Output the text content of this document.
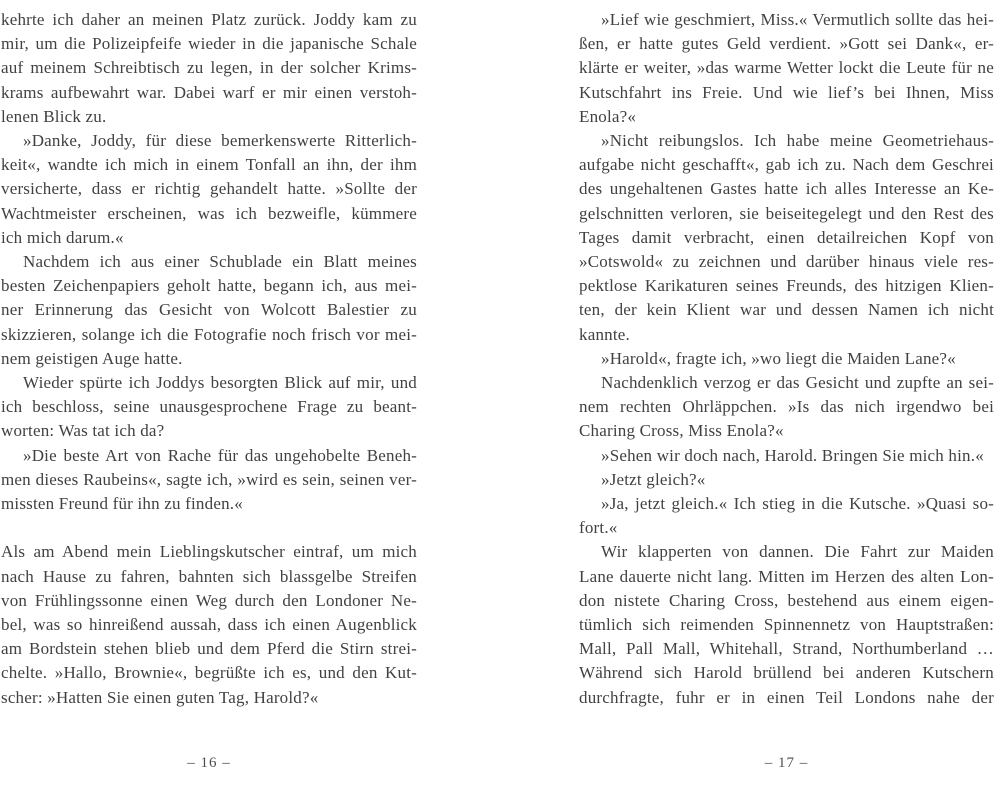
kehrte ich daher an meinen Platz zurück. Joddy kam zu
mir, um die Polizeipfeife wieder in die japanische Schale
auf meinem Schreibtisch zu legen, in der solcher Krims-
krams aufbewahrt war. Dabei warf er mir einen verstoh-
lenen Blick zu.
»Danke, Joddy, für diese bemerkenswerte Ritterlich-
keit«, wandte ich mich in einem Tonfall an ihn, der ihm
versicherte, dass er richtig gehandelt hatte. »Sollte der
Wachtmeister erscheinen, was ich bezweifle, kümmere
ich mich darum.«
Nachdem ich aus einer Schublade ein Blatt meines
besten Zeichenpapiers geholt hatte, begann ich, aus mei-
ner Erinnerung das Gesicht von Wolcott Balestier zu
skizzieren, solange ich die Fotografie noch frisch vor mei-
nem geistigen Auge hatte.
Wieder spürte ich Joddys besorgten Blick auf mir, und
ich beschloss, seine unausgesprochene Frage zu beant-
worten: Was tat ich da?
»Die beste Art von Rache für das ungehobelte Beneh-
men dieses Raubeins«, sagte ich, »wird es sein, seinen ver-
missten Freund für ihn zu finden.«
Als am Abend mein Lieblingskutscher eintraf, um mich
nach Hause zu fahren, bahnten sich blassgelbe Streifen
von Frühlingssonne einen Weg durch den Londoner Ne-
bel, was so hinreißend aussah, dass ich einen Augenblick
am Bordstein stehen blieb und dem Pferd die Stirn strei-
chelte. »Hallo, Brownie«, begrüßte ich es, und den Kut-
scher: »Hatten Sie einen guten Tag, Harold?«
– 16 –
»Lief wie geschmiert, Miss.« Vermutlich sollte das hei-
ßen, er hatte gutes Geld verdient. »Gott sei Dank«, er-
klärte er weiter, »das warme Wetter lockt die Leute für ne
Kutschfahrt ins Freie. Und wie lief’s bei Ihnen, Miss
Enola?«
»Nicht reibungslos. Ich habe meine Geometriehaus-
aufgabe nicht geschafft«, gab ich zu. Nach dem Geschrei
des ungehaltenen Gastes hatte ich alles Interesse an Ke-
gelschnitten verloren, sie beiseitegelegt und den Rest des
Tages damit verbracht, einen detailreichen Kopf von
»Cotswold« zu zeichnen und darüber hinaus viele res-
pektlose Karikaturen seines Freunds, des hitzigen Klien-
ten, der kein Klient war und dessen Namen ich nicht
kannte.
»Harold«, fragte ich, »wo liegt die Maiden Lane?«
Nachdenklich verzog er das Gesicht und zupfte an sei-
nem rechten Ohrläppchen. »Is das nich irgendwo bei
Charing Cross, Miss Enola?«
»Sehen wir doch nach, Harold. Bringen Sie mich hin.«
»Jetzt gleich?«
»Ja, jetzt gleich.« Ich stieg in die Kutsche. »Quasi so-
fort.«
Wir klapperten von dannen. Die Fahrt zur Maiden
Lane dauerte nicht lang. Mitten im Herzen des alten Lon-
don nistete Charing Cross, bestehend aus einem eigen-
tümlich sich reimenden Spinnennetz von Hauptstraßen:
Mall, Pall Mall, Whitehall, Strand, Northumberland …
Während sich Harold brüllend bei anderen Kutschern
durchfragte, fuhr er in einen Teil Londons nahe der
– 17 –
